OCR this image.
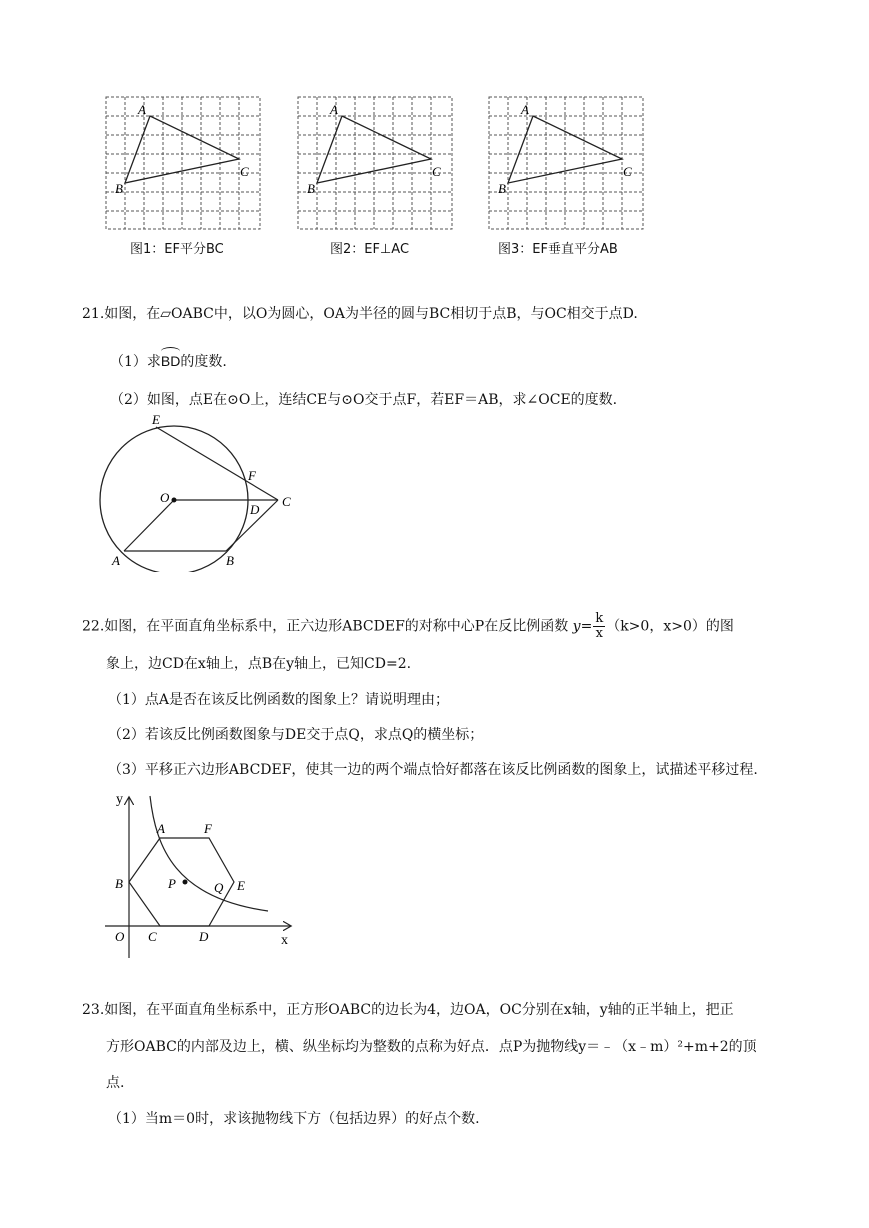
A
B
C
图1：EF平分BC
A
B
C
图2：EF⊥AC
A
B
C
图3：EF垂直平分AB
21.如图，在▱OABC中，以O为圆心，OA为半径的圆与BC相切于点B，与OC相交于点D.
（1）求BD的度数.
（2）如图，点E在⊙O上，连结CE与⊙O交于点F，若EF＝AB，求∠OCE的度数.
E
F
O	C
D
A	B
22.如图，在平面直角坐标系中，正六边形ABCDEF的对称中心P在反比例函数 $y= \frac{k}{x} (k>0$，x>0）的图
象上，边CD在x轴上，点B在y轴上，已知CD=2.
（1）点A是否在该反比例函数的图象上？请说明理由；
（2）若该反比例函数图象与DE交于点Q，求点Q的横坐标；
（3）平移正六边形ABCDEF，使其一边的两个端点恰好都落在该反比例函数的图象上，试描述平移过程.
y
x
O
A	F
B	P	Q E
C	D
23.如图，在平面直角坐标系中，正方形OABC的边长为4，边OA，OC分别在x轴，y轴的正半轴上，把正
方形OABC的内部及边上，横、纵坐标均为整数的点称为好点．点P为抛物线y＝﹣（x﹣m）²+m+2的顶
点.
（1）当m＝0时，求该抛物线下方（包括边界）的好点个数.
